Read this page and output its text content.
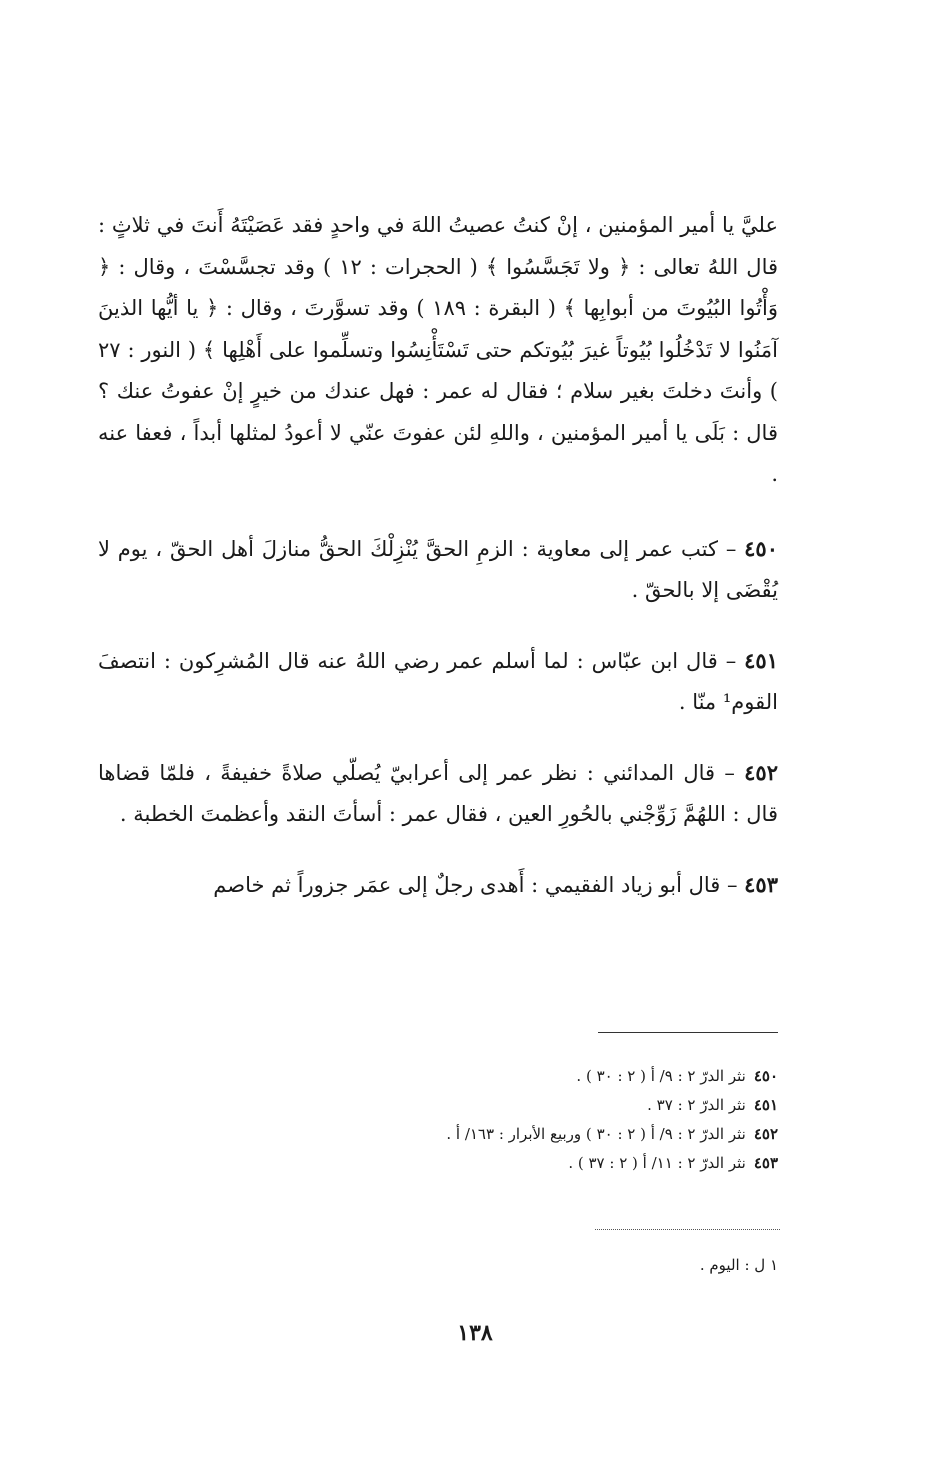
عليَّ يا أمير المؤمنين ، إنْ كنتُ عصيتُ اللهَ في واحدٍ فقد عَصَيْتَهُ أَنتَ في ثلاثٍ : قال اللهُ تعالى : ﴿ ولا تَجَسَّسُوا ﴾ ( الحجرات : ١٢ ) وقد تجسَّسْتَ ، وقال : ﴿ وَأْتُوا البُيُوتَ من أبوابِها ﴾ ( البقرة : ١٨٩ ) وقد تسوَّرتَ ، وقال : ﴿ يا أيُّها الذينَ آمَنُوا لا تَدْخُلُوا بُيُوتاً غيرَ بُيُوتكم حتى تَسْتَأْنِسُوا وتسلِّموا على أَهْلِها ﴾ ( النور : ٢٧ ) وأنتَ دخلتَ بغير سلام ؛ فقال له عمر : فهل عندك من خيرٍ إنْ عفوتُ عنك ؟ قال : بَلَى يا أمير المؤمنين ، واللهِ لئن عفوتَ عنّي لا أعودُ لمثلها أبداً ، فعفا عنه .

٤٥٠ – كتب عمر إلى معاوية : الزمِ الحقَّ يُنْزِلْكَ الحقُّ منازلَ أهل الحقّ ، يوم لا يُقْضَى إلا بالحقّ .

٤٥١ – قال ابن عبّاس : لما أسلم عمر رضي اللهُ عنه قال المُشرِكون : انتصفَ القوم¹ منّا .

٤٥٢ – قال المدائني : نظر عمر إلى أعرابيّ يُصلّي صلاةً خفيفةً ، فلمّا قضاها قال : اللهُمَّ زَوِّجْني بالحُورِ العين ، فقال عمر : أسأتَ النقد وأعظمتَ الخطبة .

٤٥٣ – قال أبو زياد الفقيمي : أَهدى رجلٌ إلى عمَر جزوراً ثم خاصم

٤٥٠نثر الدرّ ٢ : ٩/ أ ( ٢ : ٣٠ ) .
٤٥١نثر الدرّ ٢ : ٣٧ .
٤٥٢نثر الدرّ ٢ : ٩/ أ ( ٢ : ٣٠ ) وربيع الأبرار : ١٦٣/ أ .
٤٥٣نثر الدرّ ٢ : ١١/ أ ( ٢ : ٣٧ ) .
١ ل : اليوم .
١٣٨
